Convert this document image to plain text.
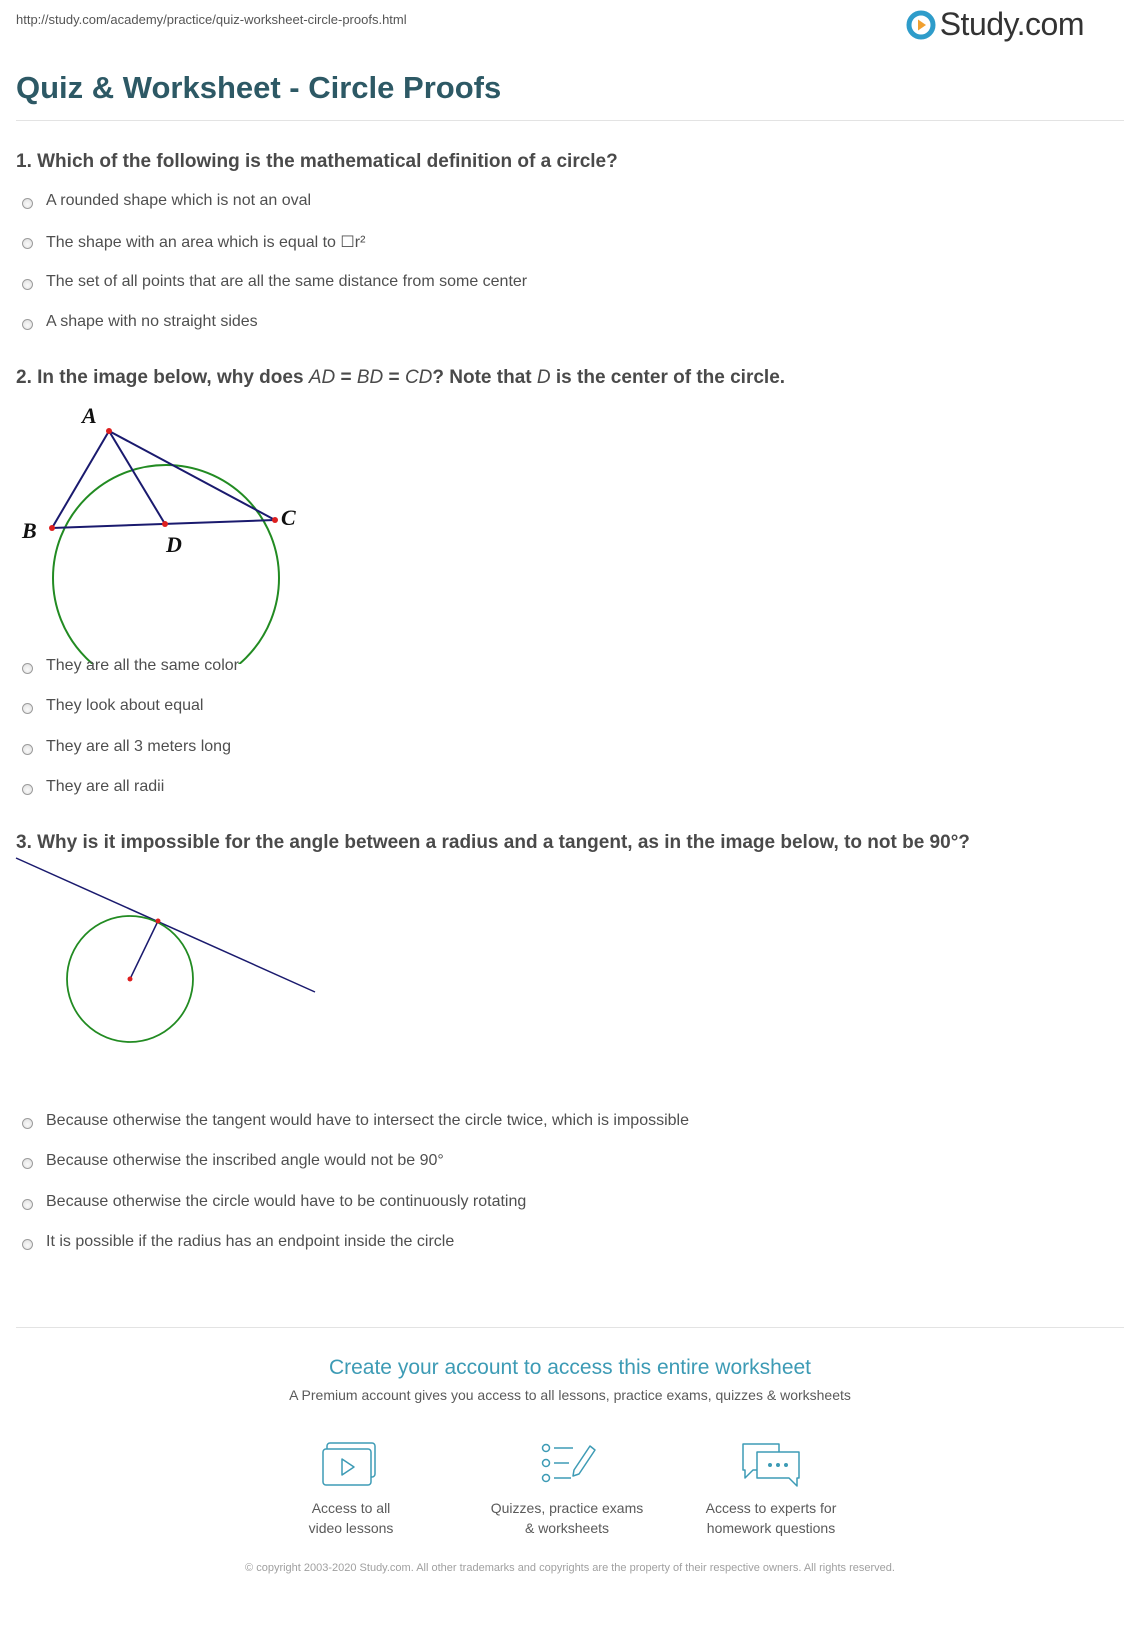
http://study.com/academy/practice/quiz-worksheet-circle-proofs.html	Study.com
Quiz & Worksheet - Circle Proofs
1. Which of the following is the mathematical definition of a circle?
A rounded shape which is not an oval
The shape with an area which is equal to ☐r²
The set of all points that are all the same distance from some center
A shape with no straight sides
2. In the image below, why does AD = BD = CD? Note that D is the center of the circle.
A
B
C
D
They are all the same color
They look about equal
They are all 3 meters long
They are all radii
3. Why is it impossible for the angle between a radius and a tangent, as in the image below, to not be 90°?
Because otherwise the tangent would have to intersect the circle twice, which is impossible
Because otherwise the inscribed angle would not be 90°
Because otherwise the circle would have to be continuously rotating
It is possible if the radius has an endpoint inside the circle
Create your account to access this entire worksheet
A Premium account gives you access to all lessons, practice exams, quizzes & worksheets
Access to all
video lessons
Quizzes, practice exams
& worksheets
Access to experts for
homework questions
© copyright 2003-2020 Study.com. All other trademarks and copyrights are the property of their respective owners. All rights reserved.
